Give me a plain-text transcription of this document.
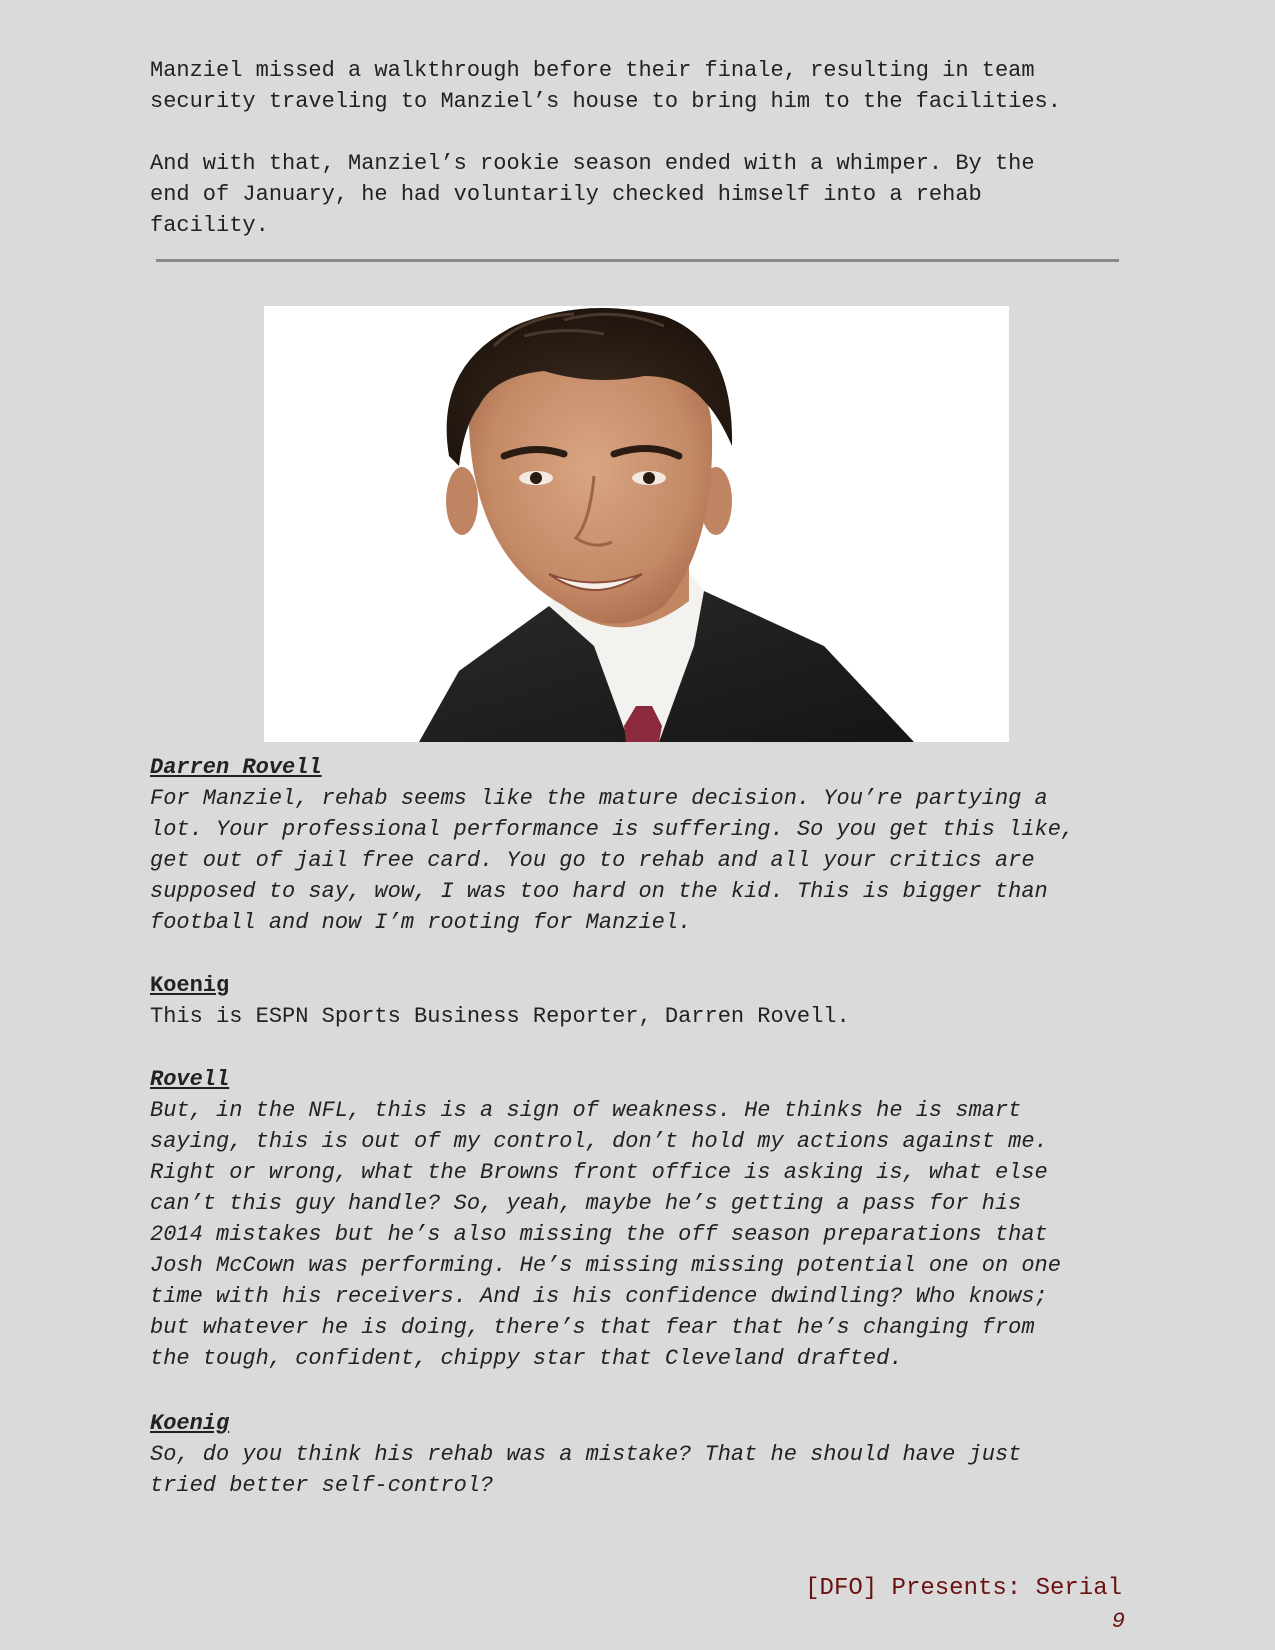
Manziel missed a walkthrough before their finale, resulting in team
security traveling to Manziel’s house to bring him to the facilities.

And with that, Manziel’s rookie season ended with a whimper. By the
end of January, he had voluntarily checked himself into a rehab
facility.

Darren Rovell

For Manziel, rehab seems like the mature decision. You’re partying a
lot. Your professional performance is suffering. So you get this like,
get out of jail free card. You go to rehab and all your critics are
supposed to say, wow, I was too hard on the kid. This is bigger than
football and now I’m rooting for Manziel.

Koenig

This is ESPN Sports Business Reporter, Darren Rovell.

Rovell

But, in the NFL, this is a sign of weakness. He thinks he is smart
saying, this is out of my control, don’t hold my actions against me.
Right or wrong, what the Browns front office is asking is, what else
can’t this guy handle? So, yeah, maybe he’s getting a pass for his
2014 mistakes but he’s also missing the off season preparations that
Josh McCown was performing. He’s missing missing potential one on one
time with his receivers. And is his confidence dwindling? Who knows;
but whatever he is doing, there’s that fear that he’s changing from
the tough, confident, chippy star that Cleveland drafted.

Koenig

So, do you think his rehab was a mistake? That he should have just
tried better self-control?

[DFO] Presents: Serial
9
